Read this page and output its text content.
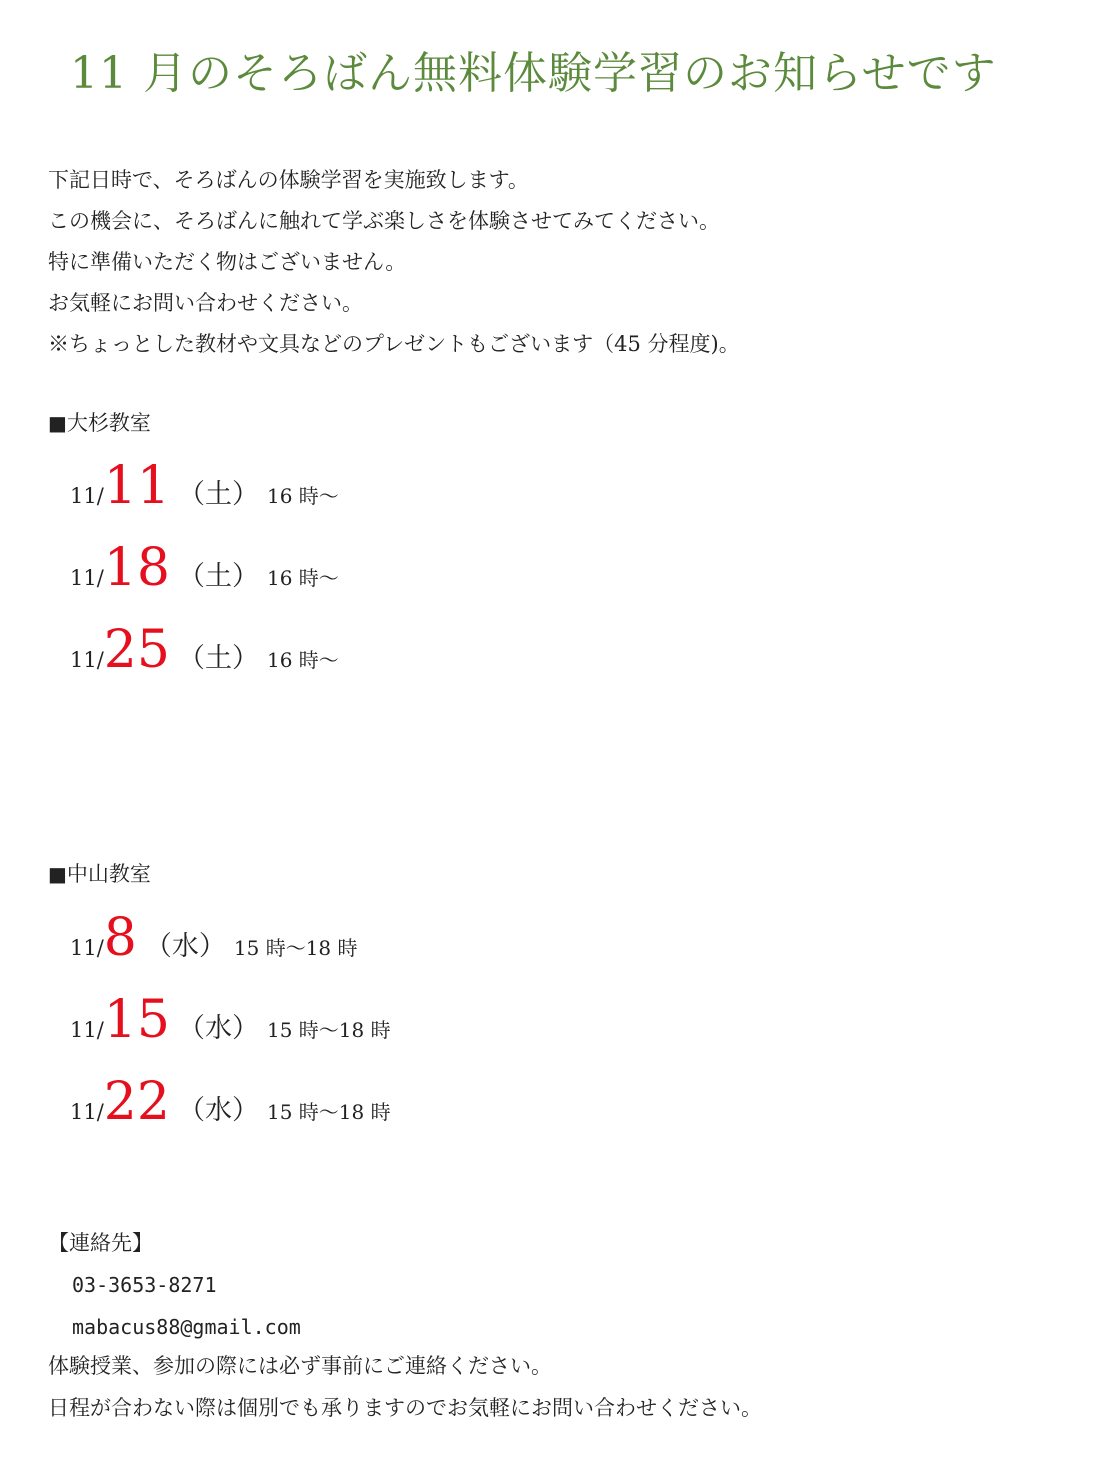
11 月のそろばん無料体験学習のお知らせです
下記日時で、そろばんの体験学習を実施致します。
この機会に、そろばんに触れて学ぶ楽しさを体験させてみてください。
特に準備いただく物はございません。
お気軽にお問い合わせください。
※ちょっとした教材や文具などのプレゼントもございます（45 分程度)。
■大杉教室
11/11 （土） 16 時～
11/18 （土） 16 時～
11/25 （土） 16 時～
■中山教室
11/8 （水） 15 時～18 時
11/15 （水） 15 時～18 時
11/22 （水） 15 時～18 時
【連絡先】
03-3653-8271
mabacus88@gmail.com
体験授業、参加の際には必ず事前にご連絡ください。
日程が合わない際は個別でも承りますのでお気軽にお問い合わせください。
